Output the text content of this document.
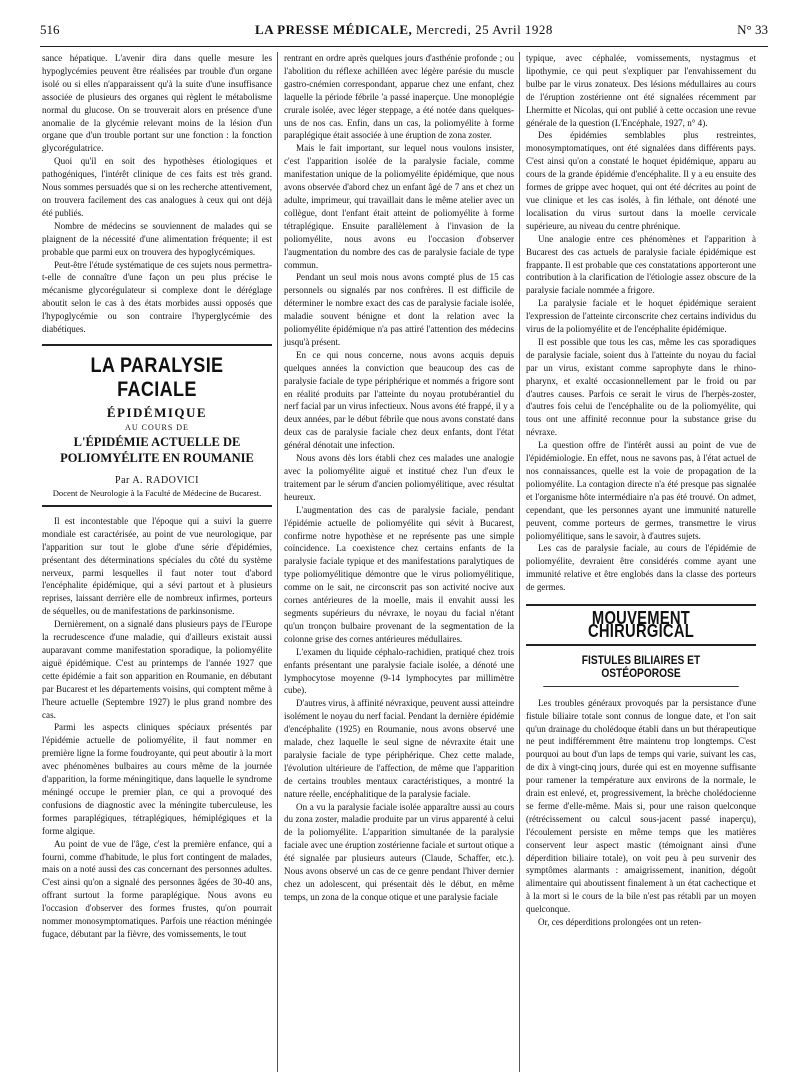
516	LA PRESSE MÉDICALE, Mercredi, 25 Avril 1928	N° 33

sance hépatique. L'avenir dira dans quelle mesure les hypoglycémies peuvent être réalisées par trouble d'un organe isolé ou si elles n'apparaissent qu'à la suite d'une insuffisance associée de plusieurs des organes qui règlent le métabolisme normal du glucose. On se trouverait alors en présence d'une anomalie de la glycémie relevant moins de la lésion d'un organe que d'un trouble portant sur une fonction : la fonction glycorégulatrice.

Quoi qu'il en soit des hypothèses étiologiques et pathogéniques, l'intérêt clinique de ces faits est très grand. Nous sommes persuadés que si on les recherche attentivement, on trouvera facilement des cas analogues à ceux qui ont déjà été publiés.

Nombre de médecins se souviennent de malades qui se plaignent de la nécessité d'une alimentation fréquente; il est probable que parmi eux on trouvera des hypoglycémiques.

Peut-être l'étude systématique de ces sujets nous permettra-t-elle de connaître d'une façon un peu plus précise le mécanisme glycorégulateur si complexe dont le déréglage aboutit selon le cas à des états morbides aussi opposés que l'hypoglycémie ou son contraire l'hyperglycémie des diabétiques.

LA PARALYSIE FACIALE
ÉPIDÉMIQUE
AU COURS DE
L'ÉPIDÉMIE ACTUELLE DE POLIOMYÉLITE EN ROUMANIE
Par A. RADOVICI
Docent de Neurologie à la Faculté de Médecine de Bucarest.

Il est incontestable que l'époque qui a suivi la guerre mondiale est caractérisée, au point de vue neurologique, par l'apparition sur tout le globe d'une série d'épidémies, présentant des déterminations spéciales du côté du système nerveux, parmi lesquelles il faut noter tout d'abord l'encéphalite épidémique, qui a sévi partout et à plusieurs reprises, laissant derrière elle de nombreux infirmes, porteurs de séquelles, ou de manifestations de parkinsonisme.

Dernièrement, on a signalé dans plusieurs pays de l'Europe la recrudescence d'une maladie, qui d'ailleurs existait aussi auparavant comme manifestation sporadique, la poliomyélite aiguë épidémique. C'est au printemps de l'année 1927 que cette épidémie a fait son apparition en Roumanie, en débutant par Bucarest et les départements voisins, qui comptent même à l'heure actuelle (Septembre 1927) le plus grand nombre des cas.

Parmi les aspects cliniques spéciaux présentés par l'épidémie actuelle de poliomyélite, il faut nommer en première ligne la forme foudroyante, qui peut aboutir à la mort avec phénomènes bulbaires au cours même de la journée d'apparition, la forme méningitique, dans laquelle le syndrome méningé occupe le premier plan, ce qui a provoqué des confusions de diagnostic avec la méningite tuberculeuse, les formes paraplégiques, tétraplégiques, hémiplégiques et la forme algique.

Au point de vue de l'âge, c'est la première enfance, qui a fourni, comme d'habitude, le plus fort contingent de malades, mais on a noté aussi des cas concernant des personnes adultes. C'est ainsi qu'on a signalé des personnes âgées de 30-40 ans, offrant surtout la forme paraplégique. Nous avons eu l'occasion d'observer des formes frustes, qu'on pourrait nommer monosymptomatiques. Parfois une réaction méningée fugace, débutant par la fièvre, des vomissements, le tout

rentrant en ordre après quelques jours d'asthénie profonde ; ou l'abolition du réflexe achilléen avec légère parésie du muscle gastro-cnémien correspondant, apparue chez une enfant, chez laquelle la période fébrile 'a passé inaperçue. Une monoplégie crurale isolée, avec léger steppage, a été notée dans quelques-uns de nos cas. Enfin, dans un cas, la poliomyélite à forme paraplégique était associée à une éruption de zona zoster.

Mais le fait important, sur lequel nous voulons insister, c'est l'apparition isolée de la paralysie faciale, comme manifestation unique de la poliomyélite épidémique, que nous avons observée d'abord chez un enfant âgé de 7 ans et chez un adulte, imprimeur, qui travaillait dans le même atelier avec un collègue, dont l'enfant était atteint de poliomyélite à forme tétraplégique. Ensuite parallèlement à l'invasion de la poliomyélite, nous avons eu l'occasion d'observer l'augmentation du nombre des cas de paralysie faciale de type commun.

Pendant un seul mois nous avons compté plus de 15 cas personnels ou signalés par nos confrères. Il est difficile de déterminer le nombre exact des cas de paralysie faciale isolée, maladie souvent bénigne et dont la relation avec la poliomyélite épidémique n'a pas attiré l'attention des médecins jusqu'à présent.

En ce qui nous concerne, nous avons acquis depuis quelques années la conviction que beaucoup des cas de paralysie faciale de type périphérique et nommés a frigore sont en réalité produits par l'atteinte du noyau protubérantiel du nerf facial par un virus infectieux. Nous avons été frappé, il y a deux années, par le début fébrile que nous avons constaté dans deux cas de paralysie faciale chez deux enfants, dont l'état général dénotait une infection.

Nous avons dès lors établi chez ces malades une analogie avec la poliomyélite aiguë et institué chez l'un d'eux le traitement par le sérum d'ancien poliomyélitique, avec résultat heureux.

L'augmentation des cas de paralysie faciale, pendant l'épidémie actuelle de poliomyélite qui sévit à Bucarest, confirme notre hypothèse et ne représente pas une simple coïncidence. La coexistence chez certains enfants de la paralysie faciale typique et des manifestations paralytiques de type poliomyélitique démontre que le virus poliomyélitique, comme on le sait, ne circonscrit pas son activité nocive aux cornes antérieures de la moelle, mais il envahit aussi les segments supérieurs du névraxe, le noyau du facial n'étant qu'un tronçon bulbaire provenant de la segmentation de la colonne grise des cornes antérieures médullaires.

L'examen du liquide céphalo-rachidien, pratiqué chez trois enfants présentant une paralysie faciale isolée, a dénoté une lymphocytose moyenne (9-14 lymphocytes par millimètre cube).

D'autres virus, à affinité névraxique, peuvent aussi atteindre isolément le noyau du nerf facial. Pendant la dernière épidémie d'encéphalite (1925) en Roumanie, nous avons observé une malade, chez laquelle le seul signe de névraxite était une paralysie faciale de type périphérique. Chez cette malade, l'évolution ultérieure de l'affection, de même que l'apparition de certains troubles mentaux caractéristiques, a montré la nature réelle, encéphalitique de la paralysie faciale.

On a vu la paralysie faciale isolée apparaître aussi au cours du zona zoster, maladie produite par un virus apparenté à celui de la poliomyélite. L'apparition simultanée de la paralysie faciale avec une éruption zostérienne faciale et surtout otique a été signalée par plusieurs auteurs (Claude, Schaffer, etc.). Nous avons observé un cas de ce genre pendant l'hiver dernier chez un adolescent, qui présentait dès le début, en même temps, un zona de la conque otique et une paralysie faciale

typique, avec céphalée, vomissements, nystagmus et lipothymie, ce qui peut s'expliquer par l'envahissement du bulbe par le virus zonateux. Des lésions médullaires au cours de l'éruption zostérienne ont été signalées récemment par Lhermitte et Nicolas, qui ont publié à cette occasion une revue générale de la question (L'Encéphale, 1927, n° 4).

Des épidémies semblables plus restreintes, monosymptomatiques, ont été signalées dans différents pays. C'est ainsi qu'on a constaté le hoquet épidémique, apparu au cours de la grande épidémie d'encéphalite. Il y a eu ensuite des formes de grippe avec hoquet, qui ont été décrites au point de vue clinique et les cas isolés, à fin léthale, ont dénoté une localisation du virus surtout dans la moelle cervicale supérieure, au niveau du centre phrénique.

Une analogie entre ces phénomènes et l'apparition à Bucarest des cas actuels de paralysie faciale épidémique est frappante. Il est probable que ces constatations apporteront une contribution à la clarification de l'étiologie assez obscure de la paralysie faciale nommée a frigore.

La paralysie faciale et le hoquet épidémique seraient l'expression de l'atteinte circonscrite chez certains individus du virus de la poliomyélite et de l'encéphalite épidémique.

Il est possible que tous les cas, même les cas sporadiques de paralysie faciale, soient dus à l'atteinte du noyau du facial par un virus, existant comme saprophyte dans le rhino-pharynx, et exalté occasionnellement par le froid ou par d'autres causes. Parfois ce serait le virus de l'herpès-zoster, d'autres fois celui de l'encéphalite ou de la poliomyélite, qui tous ont une affinité reconnue pour la substance grise du névraxe.

La question offre de l'intérêt aussi au point de vue de l'épidémiologie. En effet, nous ne savons pas, à l'état actuel de nos connaissances, quelle est la voie de propagation de la poliomyélite. La contagion directe n'a été presque pas signalée et l'organisme hôte intermédiaire n'a pas été trouvé. On admet, cependant, que les personnes ayant une immunité naturelle peuvent, comme porteurs de germes, transmettre le virus poliomyélitique, sans le savoir, à d'autres sujets.

Les cas de paralysie faciale, au cours de l'épidémie de poliomyélite, devraient être considérés comme ayant une immunité relative et être englobés dans la classe des porteurs de germes.

MOUVEMENT CHIRURGICAL
FISTULES BILIAIRES ET OSTÉOPOROSE

Les troubles généraux provoqués par la persistance d'une fistule biliaire totale sont connus de longue date, et l'on sait qu'un drainage du cholédoque établi dans un but thérapeutique ne peut indifféremment être maintenu trop longtemps. C'est pourquoi au bout d'un laps de temps qui varie, suivant les cas, de dix à vingt-cinq jours, durée qui est en moyenne suffisante pour ramener la température aux environs de la normale, le drain est enlevé, et, progressivement, la brèche cholédocienne se ferme d'elle-même. Mais si, pour une raison quelconque (rétrécissement ou calcul sous-jacent passé inaperçu), l'écoulement persiste en même temps que les matières conservent leur aspect mastic (témoignant ainsi d'une déperdition biliaire totale), on voit peu à peu survenir des symptômes alarmants : amaigrissement, inanition, dégoût alimentaire qui aboutissent finalement à un état cachectique et à la mort si le cours de la bile n'est pas rétabli par un moyen quelconque.

Or, ces déperditions prolongées ont un reten-
